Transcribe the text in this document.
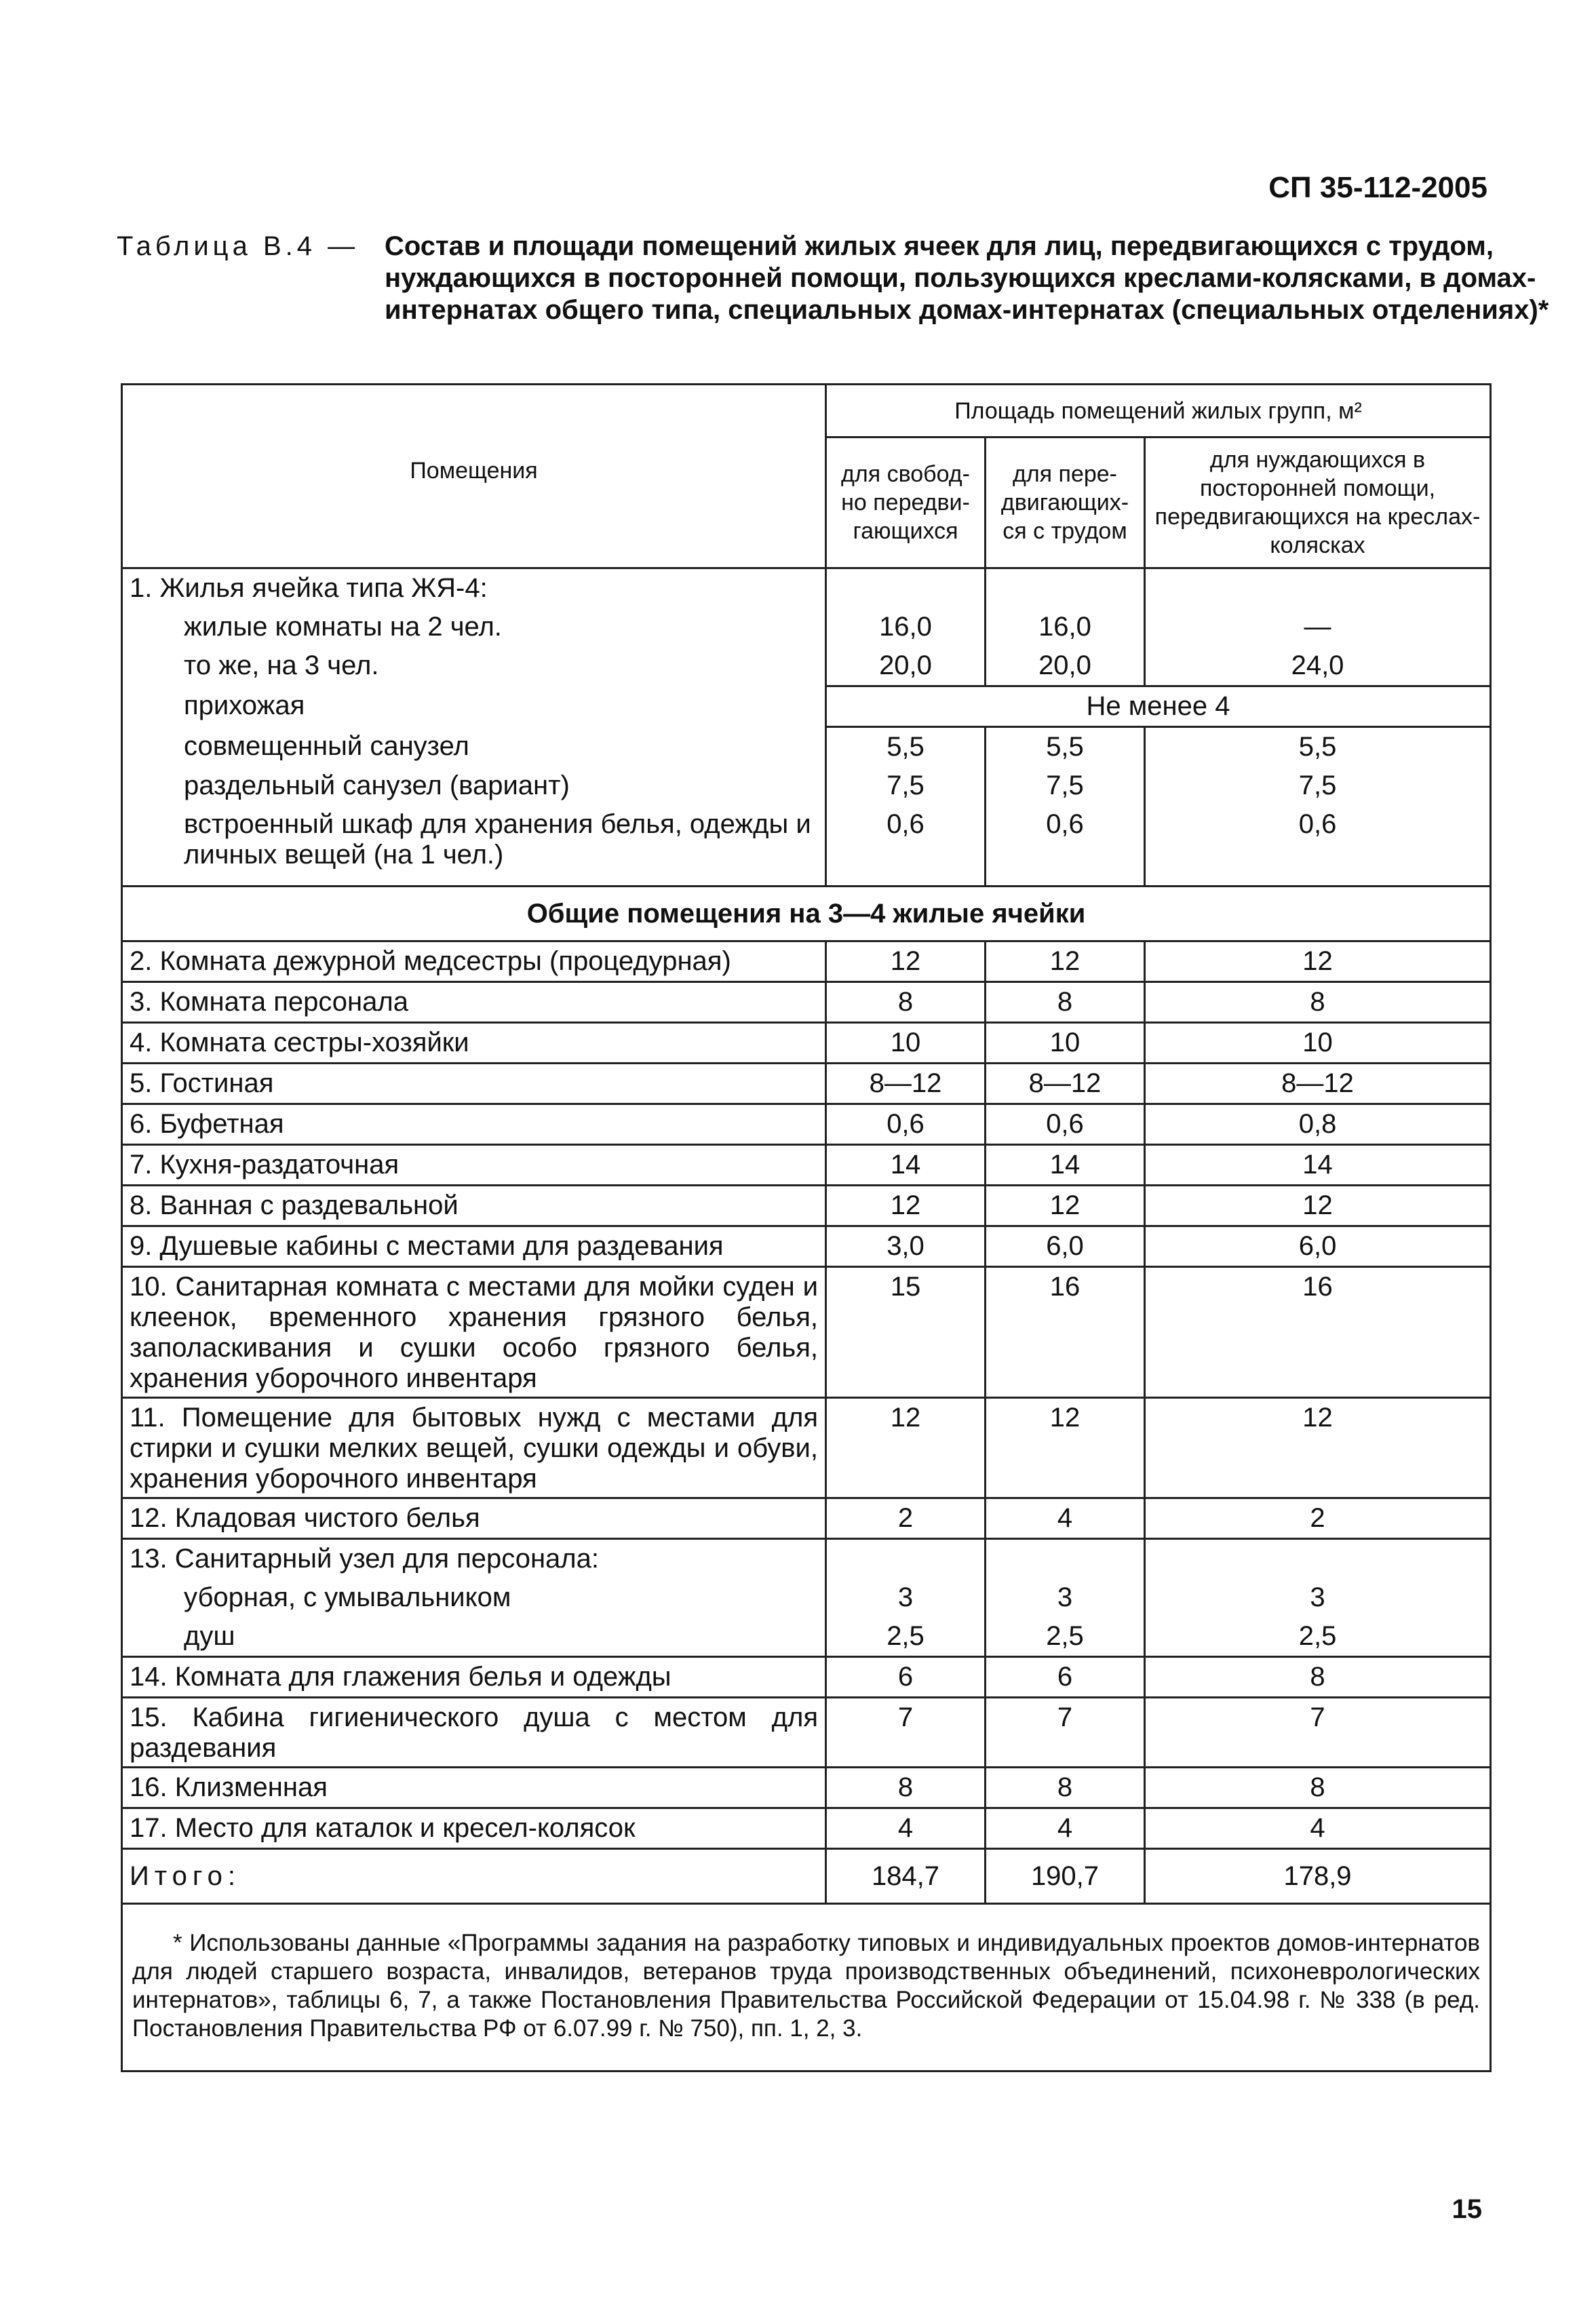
СП 35-112-2005
Таблица В.4 — Состав и площади помещений жилых ячеек для лиц, передвигающихся с трудом, нуждающихся в посторонней помощи, пользующихся креслами-колясками, в домах-интернатах общего типа, специальных домах-интернатах (специальных отделениях)*
Помещения	Площадь помещений жилых групп, м²		
	для свобод-но передви-гающихся	для пере-двигающих-ся с трудом	для нуждающихся в посторонней помощи, передвигающихся на креслах-колясках
1. Жилья ячейка типа ЖЯ-4:			
жилые комнаты на 2 чел.	16,0	16,0	—
то же, на 3 чел.	20,0	20,0	24,0
прихожая	Не менее 4		
совмещенный санузел	5,5	5,5	5,5
раздельный санузел (вариант)	7,5	7,5	7,5
встроенный шкаф для хранения белья, одежды и личных вещей (на 1 чел.)	0,6	0,6	0,6
Общие помещения на 3—4 жилые ячейки			
2. Комната дежурной медсестры (процедурная)	12	12	12
3. Комната персонала	8	8	8
4. Комната сестры-хозяйки	10	10	10
5. Гостиная	8—12	8—12	8—12
6. Буфетная	0,6	0,6	0,8
7. Кухня-раздаточная	14	14	14
8. Ванная с раздевальной	12	12	12
9. Душевые кабины с местами для раздевания	3,0	6,0	6,0
10. Санитарная комната с местами для мойки суден и клеенок, временного хранения грязного белья, заполаскивания и сушки особо грязного белья, хранения уборочного инвентаря	15	16	16
11. Помещение для бытовых нужд с местами для стирки и сушки мелких вещей, сушки одежды и обуви, хранения уборочного инвентаря	12	12	12
12. Кладовая чистого белья	2	4	2
13. Санитарный узел для персонала:			
уборная, с умывальником	3	3	3
душ	2,5	2,5	2,5
14. Комната для глажения белья и одежды	6	6	8
15. Кабина гигиенического душа с местом для раздевания	7	7	7
16. Клизменная	8	8	8
17. Место для каталок и кресел-колясок	4	4	4
Итого:	184,7	190,7	178,9

* Использованы данные «Программы задания на разработку типовых и индивидуальных проектов домов-интернатов для людей старшего возраста, инвалидов, ветеранов труда производственных объединений, психоневрологических интернатов», таблицы 6, 7, а также Постановления Правительства Российской Федерации от 15.04.98 г. № 338 (в ред. Постановления Правительства РФ от 6.07.99 г. № 750), пп. 1, 2, 3.			
15
